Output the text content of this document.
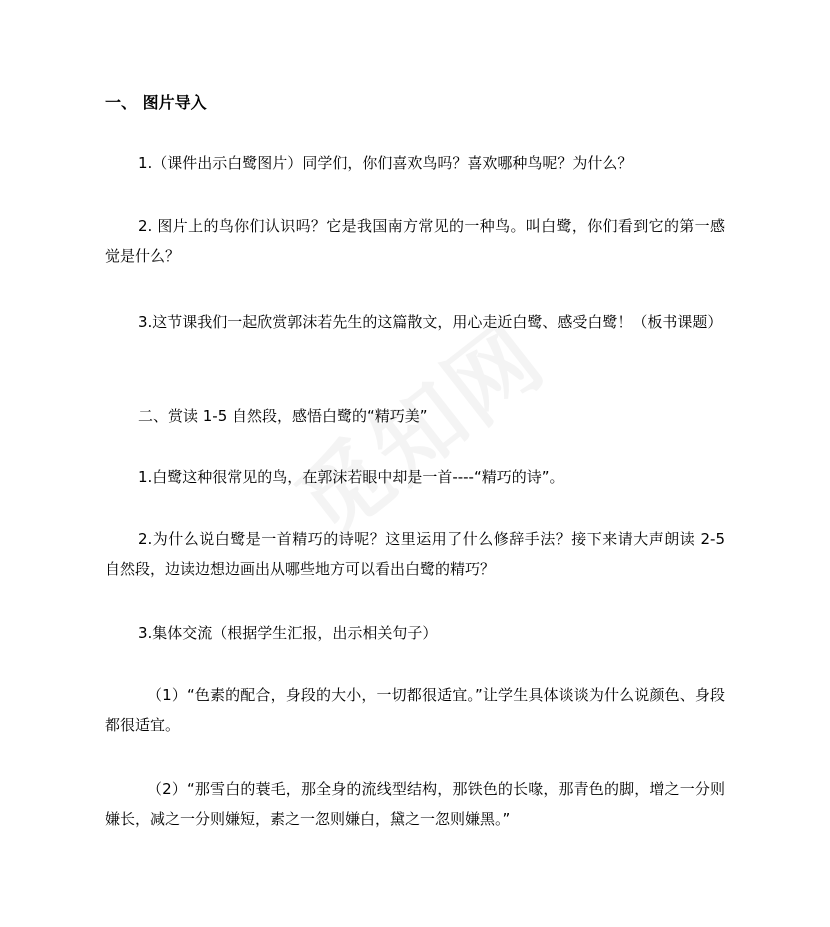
一、 图片导入
1.（课件出示白鹭图片）同学们，你们喜欢鸟吗？喜欢哪种鸟呢？为什么？
2. 图片上的鸟你们认识吗？它是我国南方常见的一种鸟。叫白鹭，你们看到它的第一感觉是什么？
3.这节课我们一起欣赏郭沫若先生的这篇散文，用心走近白鹭、感受白鹭！（板书课题）
二、赏读 1-5 自然段，感悟白鹭的“精巧美”
1.白鹭这种很常见的鸟，在郭沫若眼中却是一首----“精巧的诗”。
2.为什么说白鹭是一首精巧的诗呢？这里运用了什么修辞手法？接下来请大声朗读 2-5 自然段，边读边想边画出从哪些地方可以看出白鹭的精巧？
3.集体交流（根据学生汇报，出示相关句子）
（1）“色素的配合，身段的大小，一切都很适宜。”让学生具体谈谈为什么说颜色、身段都很适宜。
（2）“那雪白的蓑毛，那全身的流线型结构，那铁色的长喙，那青色的脚，增之一分则嫌长，减之一分则嫌短，素之一忽则嫌白，黛之一忽则嫌黑。”
